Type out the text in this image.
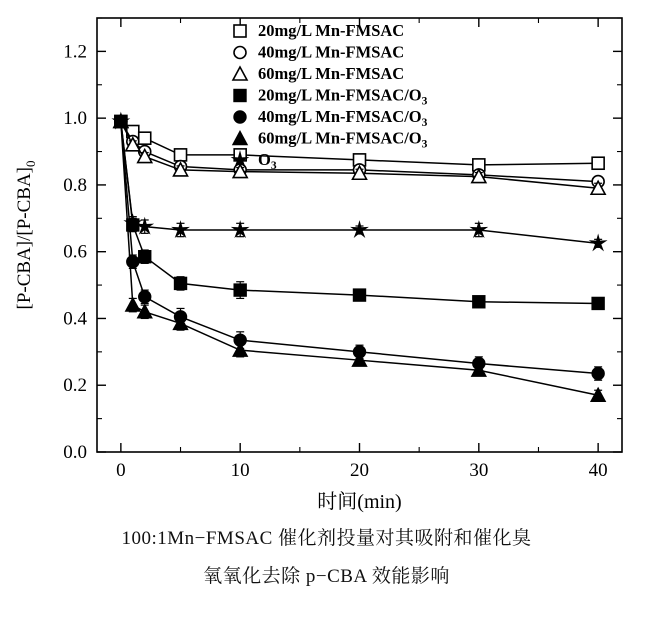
0.0
0.2
0.4
0.6
0.8
1.0
1.2
0	10	20	30	40
时间(min)
$[P-CBA]/[P-CBA]_0$
20mg/L Mn-FMSAC
40mg/L Mn-FMSAC
60mg/L Mn-FMSAC
20mg/L $Mn-FMSAC/O_3$
40mg/L $Mn-FMSAC/O_3$
60mg/L $Mn-FMSAC/O_3$
$O_3$
100:1Mn−FMSAC 催化剂投量对其吸附和催化臭
氧氧化去除 p−CBA 效能影响
